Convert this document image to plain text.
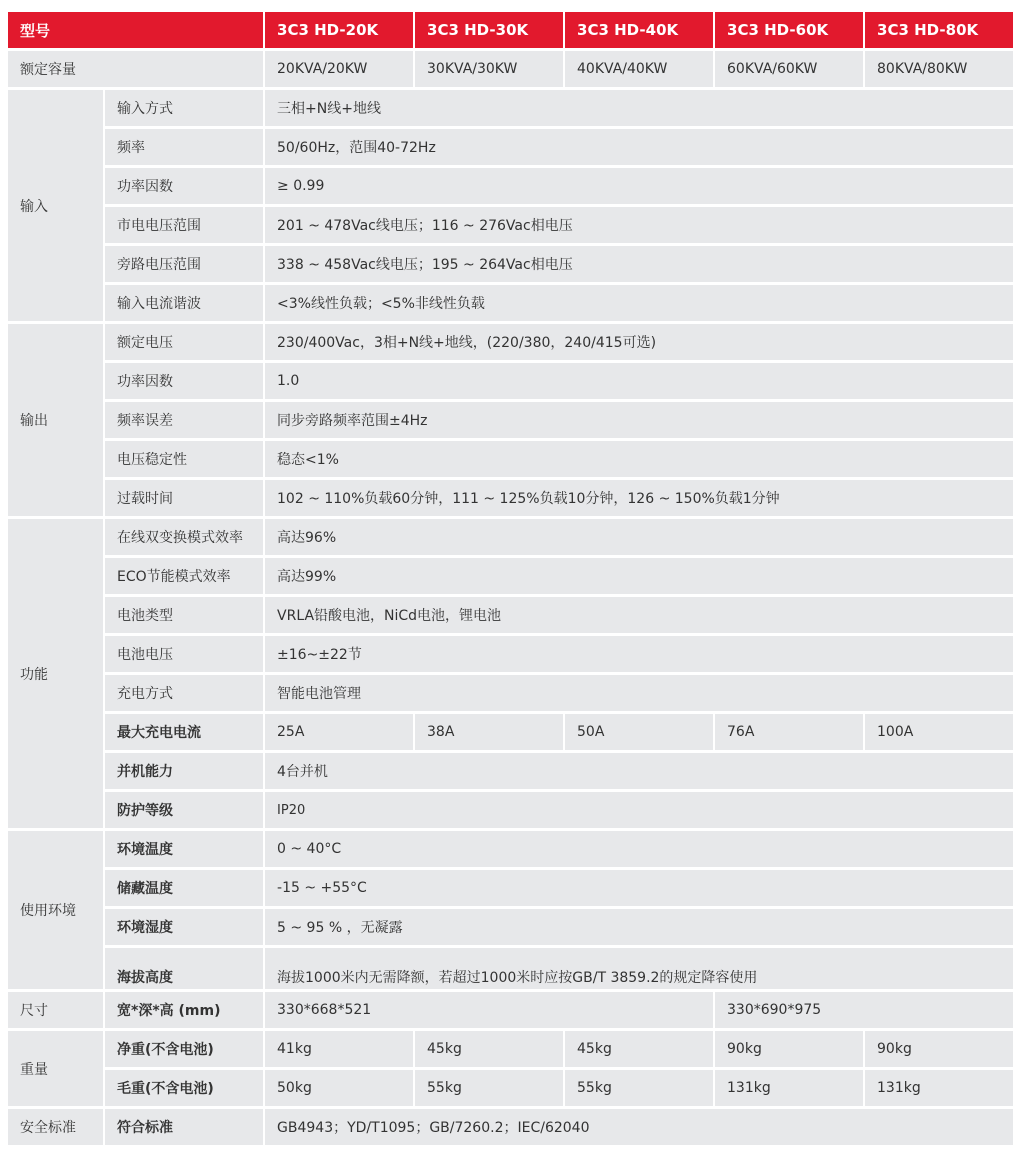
型号		3C3 HD-20K	3C3 HD-30K	3C3 HD-40K	3C3 HD-60K	3C3 HD-80K
额定容量		20KVA/20KW	30KVA/30KW	40KVA/40KW	60KVA/60KW	80KVA/80KW
输入	输入方式	三相+N线+地线				
	频率	50/60Hz，范围40-72Hz				
	功率因数	≥ 0.99				
	市电电压范围	201 ~ 478Vac线电压；116 ~ 276Vac相电压				
	旁路电压范围	338 ~ 458Vac线电压；195 ~ 264Vac相电压				
	输入电流谐波	<3%线性负载；<5%非线性负载				
输出	额定电压	230/400Vac，3相+N线+地线，(220/380，240/415可选)				
	功率因数	1.0				
	频率误差	同步旁路频率范围±4Hz				
	电压稳定性	稳态<1%				
	过载时间	102 ~ 110%负载60分钟，111 ~ 125%负载10分钟，126 ~ 150%负载1分钟				
功能	在线双变换模式效率	高达96%				
	ECO节能模式效率	高达99%				
	电池类型	VRLA铅酸电池，NiCd电池，锂电池				
	电池电压	±16~±22节				
	充电方式	智能电池管理				
	最大充电电流	25A	38A	50A	76A	100A
	并机能力	4台并机				
	防护等级	IP20				
使用环境	环境温度	0 ~ 40°C				
	储藏温度	-15 ~ +55°C				
	环境湿度	5 ~ 95 % ，无凝露				
	海拔高度	海拔1000米内无需降额，若超过1000米时应按GB/T 3859.2的规定降容使用				
尺寸	宽*深*高 (mm)	330*668*521			330*690*975	
重量	净重(不含电池)	41kg	45kg	45kg	90kg	90kg
	毛重(不含电池)	50kg	55kg	55kg	131kg	131kg
安全标准	符合标准	GB4943；YD/T1095；GB/7260.2；IEC/62040				
